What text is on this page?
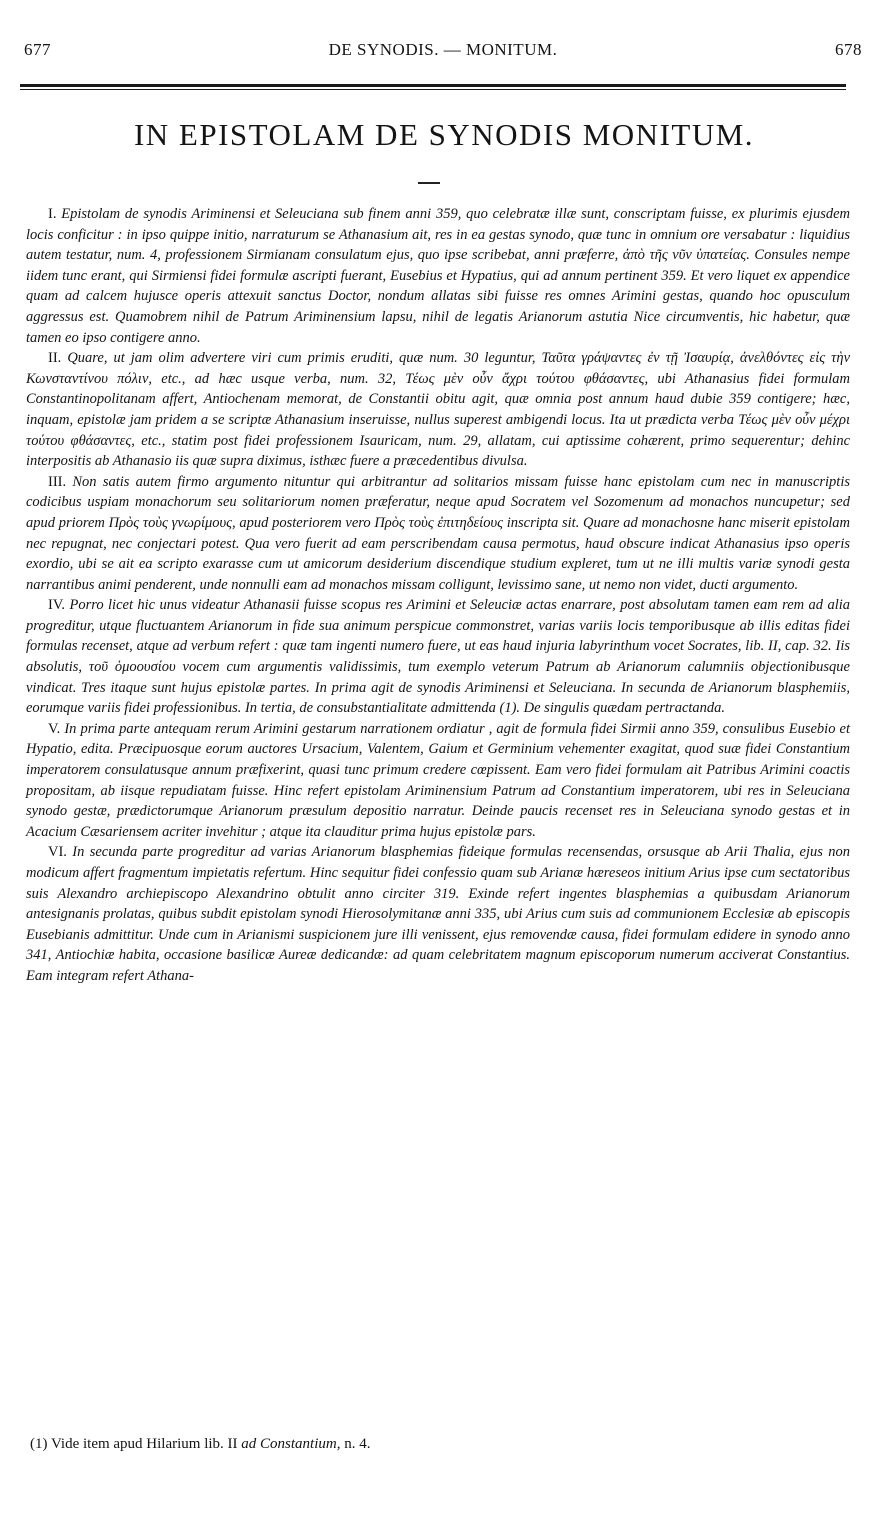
677	DE SYNODIS. — MONITUM.	678
IN EPISTOLAM DE SYNODIS MONITUM.

I. Epistolam de synodis Ariminensi et Seleuciana sub finem anni 359, quo celebratæ illæ sunt, conscriptam fuisse, ex plurimis ejusdem locis conficitur : in ipso quippe initio, narraturum se Athanasium ait, res in ea gestas synodo, quæ tunc in omnium ore versabatur : liquidius autem testatur, num. 4, professionem Sirmianam consulatum ejus, quo ipse scribebat, anni præferre, ἀπὸ τῆς νῦν ὑπατείας. Consules nempe iidem tunc erant, qui Sirmiensi fidei formulæ ascripti fuerant, Eusebius et Hypatius, qui ad annum pertinent 359. Et vero liquet ex appendice quam ad calcem hujusce operis attexuit sanctus Doctor, nondum allatas sibi fuisse res omnes Arimini gestas, quando hoc opusculum aggressus est. Quamobrem nihil de Patrum Ariminensium lapsu, nihil de legatis Arianorum astutia Nice circumventis, hic habetur, quæ tamen eo ipso contigere anno.

II. Quare, ut jam olim advertere viri cum primis eruditi, quæ num. 30 leguntur, Ταῦτα γράψαντες ἐν τῇ Ἰσαυρίᾳ, ἀνελθόντες εἰς τὴν Κωνσταντίνου πόλιν, etc., ad hæc usque verba, num. 32, Τέως μὲν οὖν ἄχρι τούτου φθάσαντες, ubi Athanasius fidei formulam Constantinopolitanam affert, Antiochenam memorat, de Constantii obitu agit, quæ omnia post annum haud dubie 359 contigere; hæc, inquam, epistolæ jam pridem a se scriptæ Athanasium inseruisse, nullus superest ambigendi locus. Ita ut prædicta verba Τέως μὲν οὖν μέχρι τούτου φθάσαντες, etc., statim post fidei professionem Isauricam, num. 29, allatam, cui aptissime cohærent, primo sequerentur; dehinc interpositis ab Athanasio iis quæ supra diximus, isthæc fuere a præcedentibus divulsa.

III. Non satis autem firmo argumento nituntur qui arbitrantur ad solitarios missam fuisse hanc epistolam cum nec in manuscriptis codicibus uspiam monachorum seu solitariorum nomen præferatur, neque apud Socratem vel Sozomenum ad monachos nuncupetur; sed apud priorem Πρὸς τοὺς γνωρίμους, apud posteriorem vero Πρὸς τοὺς ἐπιτηδείους inscripta sit. Quare ad monachosne hanc miserit epistolam nec repugnat, nec conjectari potest. Qua vero fuerit ad eam perscribendam causa permotus, haud obscure indicat Athanasius ipso operis exordio, ubi se ait ea scripto exarasse cum ut amicorum desiderium discendique studium expleret, tum ut ne illi multis variæ synodi gesta narrantibus animi penderent, unde nonnulli eam ad monachos missam colligunt, levissimo sane, ut nemo non videt, ducti argumento.

IV. Porro licet hic unus videatur Athanasii fuisse scopus res Arimini et Seleuciæ actas enarrare, post absolutam tamen eam rem ad alia progreditur, utque fluctuantem Arianorum in fide sua animum perspicue commonstret, varias variis locis temporibusque ab illis editas fidei formulas recenset, atque ad verbum refert : quæ tam ingenti numero fuere, ut eas haud injuria labyrinthum vocet Socrates, lib. II, cap. 32. Iis absolutis, τοῦ ὁμοουσίου vocem cum argumentis validissimis, tum exemplo veterum Patrum ab Arianorum calumniis objectionibusque vindicat. Tres itaque sunt hujus epistolæ partes. In prima agit de synodis Ariminensi et Seleuciana. In secunda de Arianorum blasphemiis, eorumque variis fidei professionibus. In tertia, de consubstantialitate admittenda (1). De singulis quædam pertractanda.

V. In prima parte antequam rerum Arimini gestarum narrationem ordiatur , agit de formula fidei Sirmii anno 359, consulibus Eusebio et Hypatio, edita. Præcipuosque eorum auctores Ursacium, Valentem, Gaium et Germinium vehementer exagitat, quod suæ fidei Constantium imperatorem consulatusque annum præfixerint, quasi tunc primum credere cœpissent. Eam vero fidei formulam ait Patribus Arimini coactis propositam, ab iisque repudiatam fuisse. Hinc refert epistolam Ariminensium Patrum ad Constantium imperatorem, ubi res in Seleuciana synodo gestæ, prædictorumque Arianorum præsulum depositio narratur. Deinde paucis recenset res in Seleuciana synodo gestas et in Acacium Cæsariensem acriter invehitur ; atque ita clauditur prima hujus epistolæ pars.

VI. In secunda parte progreditur ad varias Arianorum blasphemias fideique formulas recensendas, orsusque ab Arii Thalia, ejus non modicum affert fragmentum impietatis refertum. Hinc sequitur fidei confessio quam sub Arianæ hæreseos initium Arius ipse cum sectatoribus suis Alexandro archiepiscopo Alexandrino obtulit anno circiter 319. Exinde refert ingentes blasphemias a quibusdam Arianorum antesignanis prolatas, quibus subdit epistolam synodi Hierosolymitanæ anni 335, ubi Arius cum suis ad communionem Ecclesiæ ab episcopis Eusebianis admittitur. Unde cum in Arianismi suspicionem jure illi venissent, ejus removendæ causa, fidei formulam edidere in synodo anno 341, Antiochiæ habita, occasione basilicæ Aureæ dedicandæ: ad quam celebritatem magnum episcoporum numerum acciverat Constantius. Eam integram refert Athana-

(1) Vide item apud Hilarium lib. II ad Constantium, n. 4.
